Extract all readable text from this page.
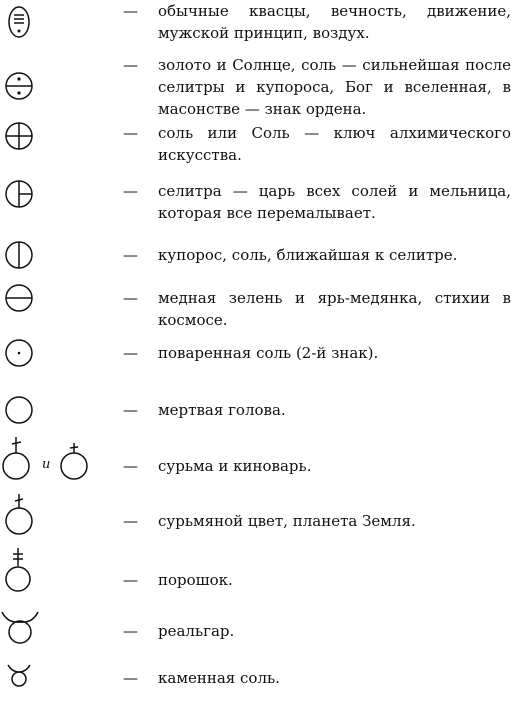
— обычные квасцы, вечность, движение, мужской принцип, воздух.
— золото и Солнце, соль — сильнейшая после селитры и купороса, Бог и вселенная, в масонстве — знак ордена.
— соль или Соль — ключ алхимического искусства.
— селитра — царь всех солей и мельница, которая все перемалывает.
— купорос, соль, ближайшая к селитре.
— медная зелень и ярь-медянка, стихии в космосе.
— поваренная соль (2-й знак).
— мертвая голова.
и	— сурьма и киноварь.
— сурьмяной цвет, планета Земля.
— порошок.
— реальгар.
— каменная соль.
